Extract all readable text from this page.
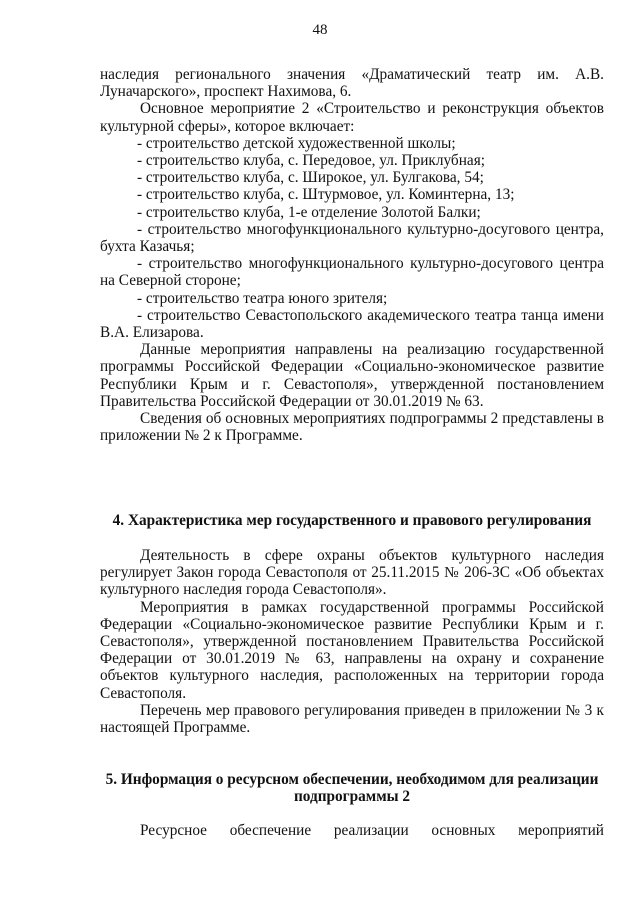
48

наследия регионального значения «Драматический театр им. А.В. Луначарского», проспект Нахимова, 6.

Основное мероприятие 2 «Строительство и реконструкция объектов культурной сферы», которое включает:

- строительство детской художественной школы;

- строительство клуба, с. Передовое, ул. Приклубная;

- строительство клуба, с. Широкое, ул. Булгакова, 54;

- строительство клуба, с. Штурмовое, ул. Коминтерна, 13;

- строительство клуба, 1-е отделение Золотой Балки;

- строительство многофункционального культурно-досугового центра, бухта Казачья;

- строительство многофункционального культурно-досугового центра на Северной стороне;

- строительство театра юного зрителя;

- строительство Севастопольского академического театра танца имени В.А. Елизарова.

Данные мероприятия направлены на реализацию государственной программы Российской Федерации «Социально-экономическое развитие Республики Крым и г. Севастополя», утвержденной постановлением Правительства Российской Федерации от 30.01.2019 № 63.

Сведения об основных мероприятиях подпрограммы 2 представлены в приложении № 2 к Программе.

4. Характеристика мер государственного и правового регулирования

Деятельность в сфере охраны объектов культурного наследия регулирует Закон города Севастополя от 25.11.2015 № 206-ЗС «Об объектах культурного наследия города Севастополя».

Мероприятия в рамках государственной программы Российской Федерации «Социально-экономическое развитие Республики Крым и г. Севастополя», утвержденной постановлением Правительства Российской Федерации от 30.01.2019 № 63, направлены на охрану и сохранение объектов культурного наследия, расположенных на территории города Севастополя.

Перечень мер правового регулирования приведен в приложении № 3 к настоящей Программе.

5. Информация о ресурсном обеспечении, необходимом для реализации
подпрограммы 2

Ресурсное обеспечение реализации основных мероприятий
